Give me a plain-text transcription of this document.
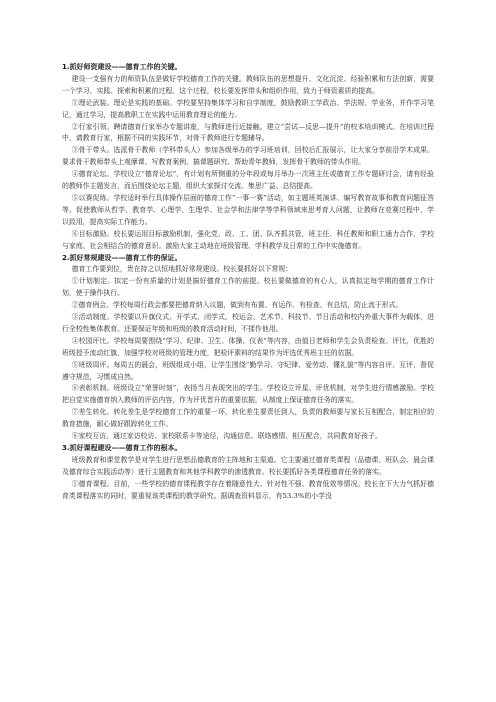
1.抓好师资建设——德育工作的关键。

建设一支强有力的师资队伍是做好学校德育工作的关键。教师队伍的思想提升、文化沉淀、经验积累和方法创新，需要一个学习、实践、探索和积累的过程。这个过程，校长要发挥带头和组织作用，致力于师资素质的提高。

①理论武装。理论是实践的基础。学校要坚持集体学习和自学制度，鼓励教职工学政治、学法规、学业务，并作学习笔记，通过学习，提高教职工在实践中运用教育理论的能力。

②行家引领。聘请德育行家举办专题讲座，与教师进行近接触。建立“尝试—反思—提升”的校本培训模式。在培训过程中，请教育行家，根据不同的实践环节，对骨干教师进行专题辅导。

③骨干带头。选派骨干教师（学科带头人）参加各级举办的学习班培训，回校后汇报展示，让大家分享前沿学术成果。要求骨干教师带头上观摩课、写教育案例、搞课题研究、帮助青年教师，发挥骨干教师的带头作用。

④德育论坛。学校设立“德育论坛”，有计划有所侧重的分年段或每月举办一次班主任或德育工作专题研讨会，请有经验的教师作主题发言，而后围绕论坛主题，组织大家探讨交流、集思广益、总结提高。

⑤以赛促练。学校适时举行具体操作层面的德育工作“一事一赛”活动，如主题班英演讲、编写教育故事和教育问题征答等。促使教师从哲学、教育学、心理学、生理学、社会学和法律学等学科领域来思考育人问题，让教师在竞赛过程中，学以致用，提高实际工作能力。

⑥目标激励。校长要运用目标激励机制，强化党、政、工、团、队齐抓共管，班主任、科任教师和职工通力合作，学校与家庭、社会相结合的德育意识。激励大家主动地在班级管理、学科教学及日常的工作中实施德育。

2.抓好常规建设——德育工作的保证。

德育工作要到位，贵在持之以恒地抓好常规建设。校长要抓好以下常规：

①计划制定。拟定一份有质量的计划是搞好德育工作的前提。校长要做德育的有心人，认真拟定每学期的德育工作计划，使于操作执行。

②德育例会。学校每周行政会都要把德育纳入议题，做到有布置、有运作、有检查、有总结，防止流于形式。

③活动制度。学校要以升旗仪式、开学式、闭学式、校运会、艺术节、科技节、节日活动和校内外重大事件为载体，进行全校性集体教育。还要保证年级和班级的教育活动时间，不揉作他用。

④校园评比。学校每周要围绕“学习、纪律、卫生、体操、仪表”等内容，由值日老师和学生会负责检查、评比，优胜的班级授予流动红旗，加强学校对班级的管理力度，把检评素料的结果作为评选优秀班主任的依据。

⑤班级周评。每周五的晨会，班级组成小组，让学生围绕“勤学习、守纪律、爱劳动、懂礼貌”等内容自评、互评，督促遵守规范，习惯成自然。

⑥表彰机制。班级设立“荣誉时刻”，表扬当月表现突出的学生。学校设立评星、评优机制，对学生进行情感激励。学校把自觉实施德育纳入教师的评估内容，作为评优晋升的重要依据，从制度上保证德育任务的落实。

⑦差生转化。转化差生是学校德育工作的重要一环，转化差生要责任到人，负责的教师要与家长互相配合，制定相应的教育措施，耐心做好跟踪转化工作。

⑧家校互访。通过家访校访、家校联系卡等途径，沟通信息、联络感情、相互配合，共同教育好孩子。

3.抓好课程建设——德育工作的根本。

班级教育和课堂教学是对学生进行思想品德教育的主阵地和主渠道。它主要通过德育类课程（品德课、班队会、晨会课及德育综合实践活动等）进行主题教育和其他学科教学的渗透教育。校长要抓好各类课程德育任务的落实。

①德育课程。目前，一些学校的德育课程教学存在着随意性大、针对性不强、教育低效等情况。校长在下大力气抓好德育类课程落实的同时，要重视该类课程的教学研究。据调查资料显示，有53.3%的小学没
